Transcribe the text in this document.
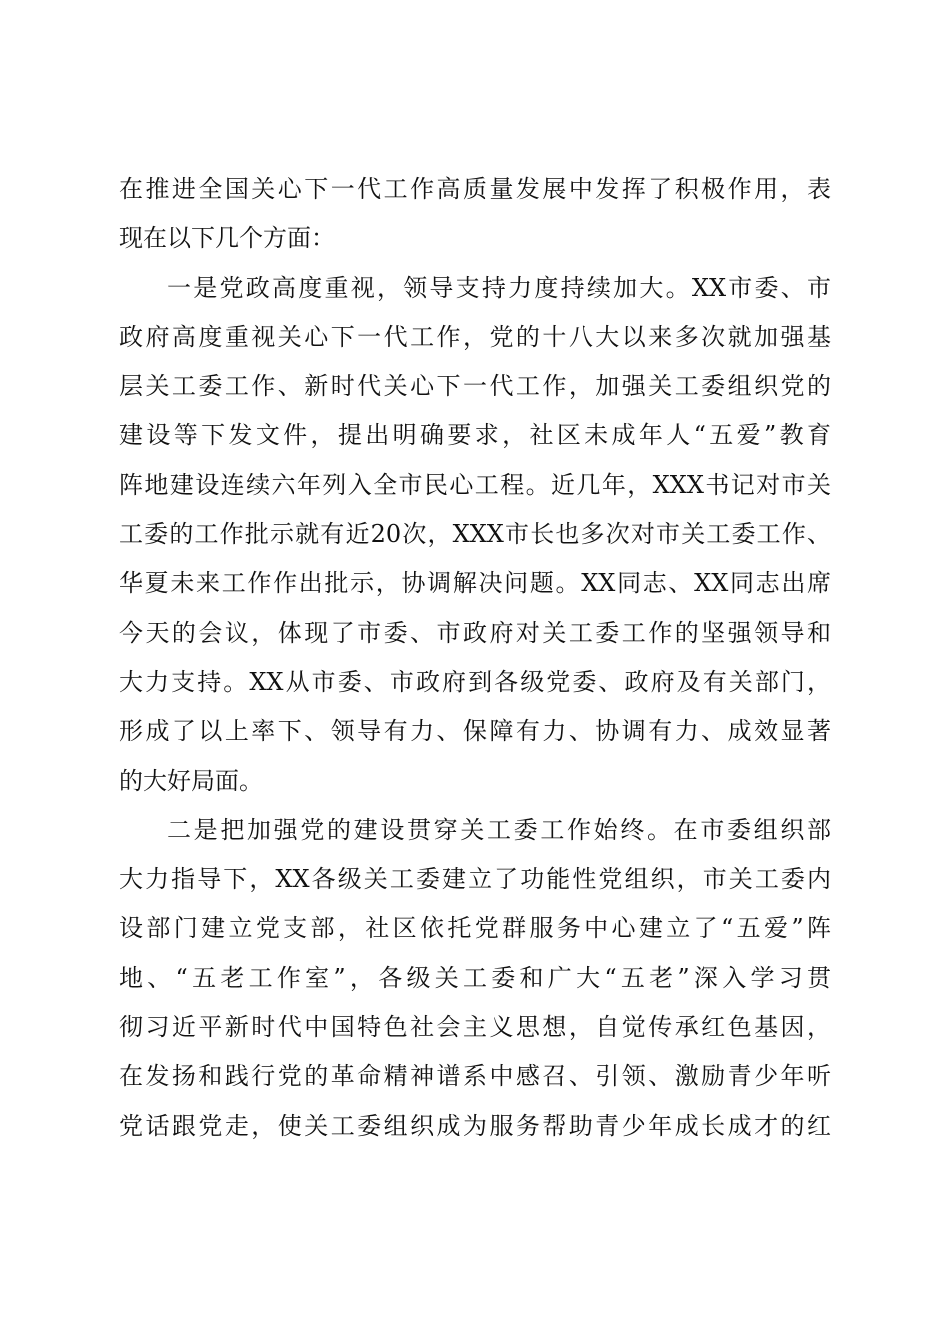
在推进全国关心下一代工作高质量发展中发挥了积极作用，表
现在以下几个方面：
一是党政高度重视，领导支持力度持续加大。XX市委、市
政府高度重视关心下一代工作，党的十八大以来多次就加强基
层关工委工作、新时代关心下一代工作，加强关工委组织党的
建设等下发文件，提出明确要求，社区未成年人“五爱”教育
阵地建设连续六年列入全市民心工程。近几年，XXX书记对市关
工委的工作批示就有近20次，XXX市长也多次对市关工委工作、
华夏未来工作作出批示，协调解决问题。XX同志、XX同志出席
今天的会议，体现了市委、市政府对关工委工作的坚强领导和
大力支持。XX从市委、市政府到各级党委、政府及有关部门，
形成了以上率下、领导有力、保障有力、协调有力、成效显著
的大好局面。
二是把加强党的建设贯穿关工委工作始终。在市委组织部
大力指导下，XX各级关工委建立了功能性党组织，市关工委内
设部门建立党支部，社区依托党群服务中心建立了“五爱”阵
地、“五老工作室”，各级关工委和广大“五老”深入学习贯
彻习近平新时代中国特色社会主义思想，自觉传承红色基因，
在发扬和践行党的革命精神谱系中感召、引领、激励青少年听
党话跟党走，使关工委组织成为服务帮助青少年成长成才的红
